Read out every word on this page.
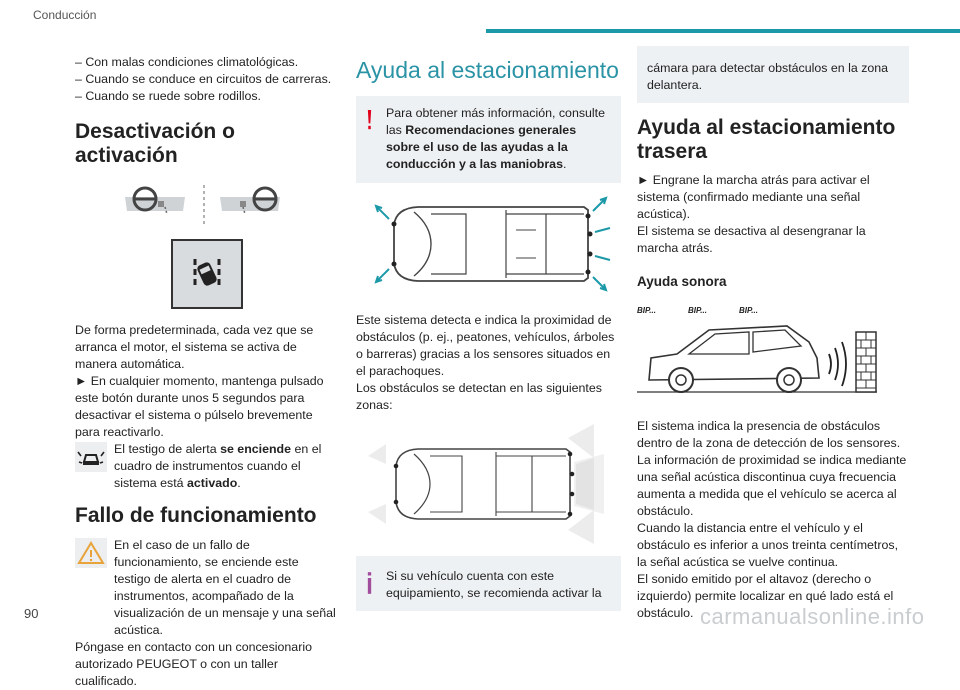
Conducción
– Con malas condiciones climatológicas.
– Cuando se conduce en circuitos de carreras.
– Cuando se ruede sobre rodillos.
Desactivación o activación
De forma predeterminada, cada vez que se arranca el motor, el sistema se activa de manera automática.
► En cualquier momento, mantenga pulsado este botón durante unos 5 segundos para desactivar el sistema o púlselo brevemente para reactivarlo.
El testigo de alerta se enciende en el cuadro de instrumentos cuando el sistema está activado.
Fallo de funcionamiento
En el caso de un fallo de funcionamiento, se enciende este testigo de alerta en el cuadro de instrumentos, acompañado de la visualización de un mensaje y una señal acústica.
Póngase en contacto con un concesionario autorizado PEUGEOT o con un taller cualificado.
Ayuda al estacionamiento
Para obtener más información, consulte las Recomendaciones generales sobre el uso de las ayudas a la conducción y a las maniobras.
Este sistema detecta e indica la proximidad de obstáculos (p. ej., peatones, vehículos, árboles o barreras) gracias a los sensores situados en el parachoques.
Los obstáculos se detectan en las siguientes zonas:
Si su vehículo cuenta con este equipamiento, se recomienda activar la
cámara para detectar obstáculos en la zona delantera.
Ayuda al estacionamiento trasera
► Engrane la marcha atrás para activar el sistema (confirmado mediante una señal acústica).
El sistema se desactiva al desengranar la marcha atrás.
Ayuda sonora
BIP...	BIP...	BIP...
El sistema indica la presencia de obstáculos dentro de la zona de detección de los sensores.
La información de proximidad se indica mediante una señal acústica discontinua cuya frecuencia aumenta a medida que el vehículo se acerca al obstáculo.
Cuando la distancia entre el vehículo y el obstáculo es inferior a unos treinta centímetros, la señal acústica se vuelve continua.
El sonido emitido por el altavoz (derecho o izquierdo) permite localizar en qué lado está el obstáculo.
90	carmanualsonline.info
